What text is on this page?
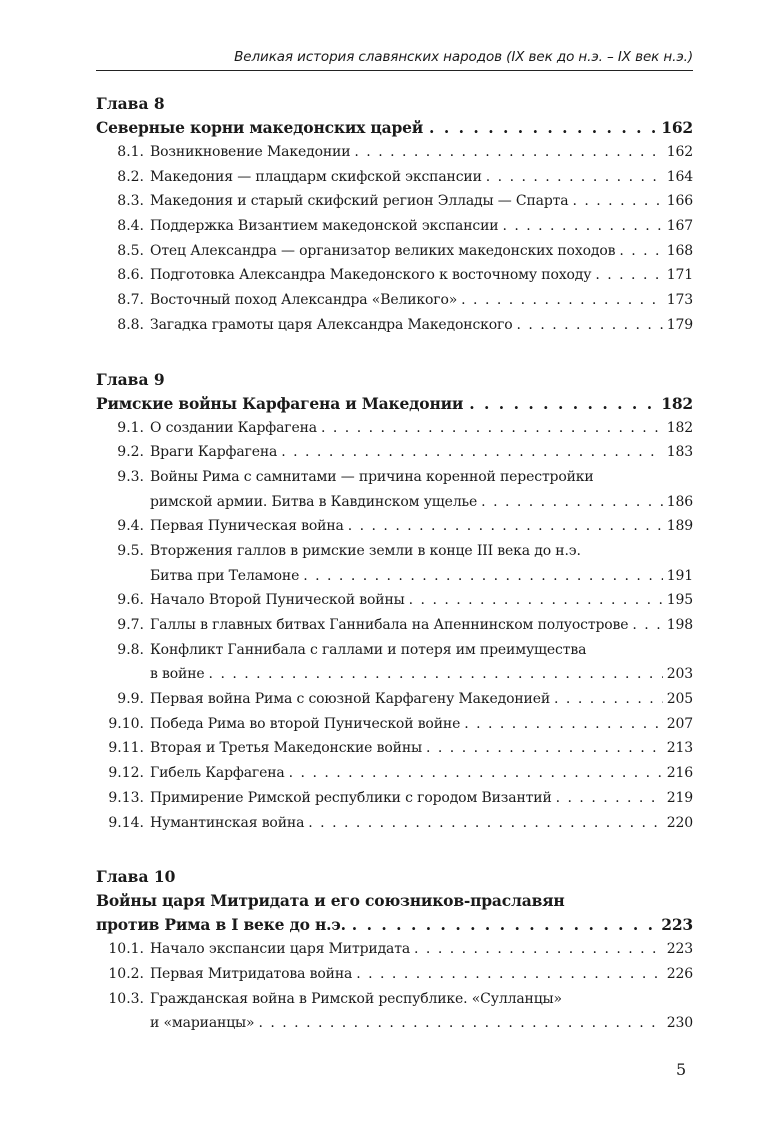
Великая история славянских народов (IX век до н.э. – IX век н.э.)
Глава 8
Северные корни македонских царей . . .	162
8.1. Возникновение Македонии . . .	162
8.2. Македония — плацдарм скифской экспансии . . .	164
8.3. Македония и старый скифский регион Эллады — Спарта . . .	166
8.4. Поддержка Византием македонской экспансии . . .	167
8.5. Отец Александра — организатор великих македонских походов . . .	168
8.6. Подготовка Александра Македонского к восточному походу . . .	171
8.7. Восточный поход Александра «Великого» . . .	173
8.8. Загадка грамоты царя Александра Македонского . . .	179
Глава 9
Римские войны Карфагена и Македонии . . .	182
9.1. О создании Карфагена . . .	182
9.2. Враги Карфагена . . .	183
9.3. Войны Рима с самнитами — причина коренной перестройки
римской армии. Битва в Кавдинском ущелье . . .	186
9.4. Первая Пуническая война . . .	189
9.5. Вторжения галлов в римские земли в конце III века до н.э.
Битва при Теламоне . . .	191
9.6. Начало Второй Пунической войны . . .	195
9.7. Галлы в главных битвах Ганнибала на Апеннинском полуострове . . .	198
9.8. Конфликт Ганнибала с галлами и потеря им преимущества
в войне . . .	203
9.9. Первая война Рима с союзной Карфагену Македонией . . .	205
9.10. Победа Рима во второй Пунической войне . . .	207
9.11. Вторая и Третья Македонские войны . . .	213
9.12. Гибель Карфагена . . .	216
9.13. Примирение Римской республики с городом Византий . . .	219
9.14. Нумантинская война . . .	220
Глава 10
Войны царя Митридата и его союзников-праславян
против Рима в I веке до н.э. . . .	223
10.1. Начало экспансии царя Митридата . . .	223
10.2. Первая Митридатова война . . .	226
10.3. Гражданская война в Римской республике. «Сулланцы»
и «марианцы» . . .	230
5
